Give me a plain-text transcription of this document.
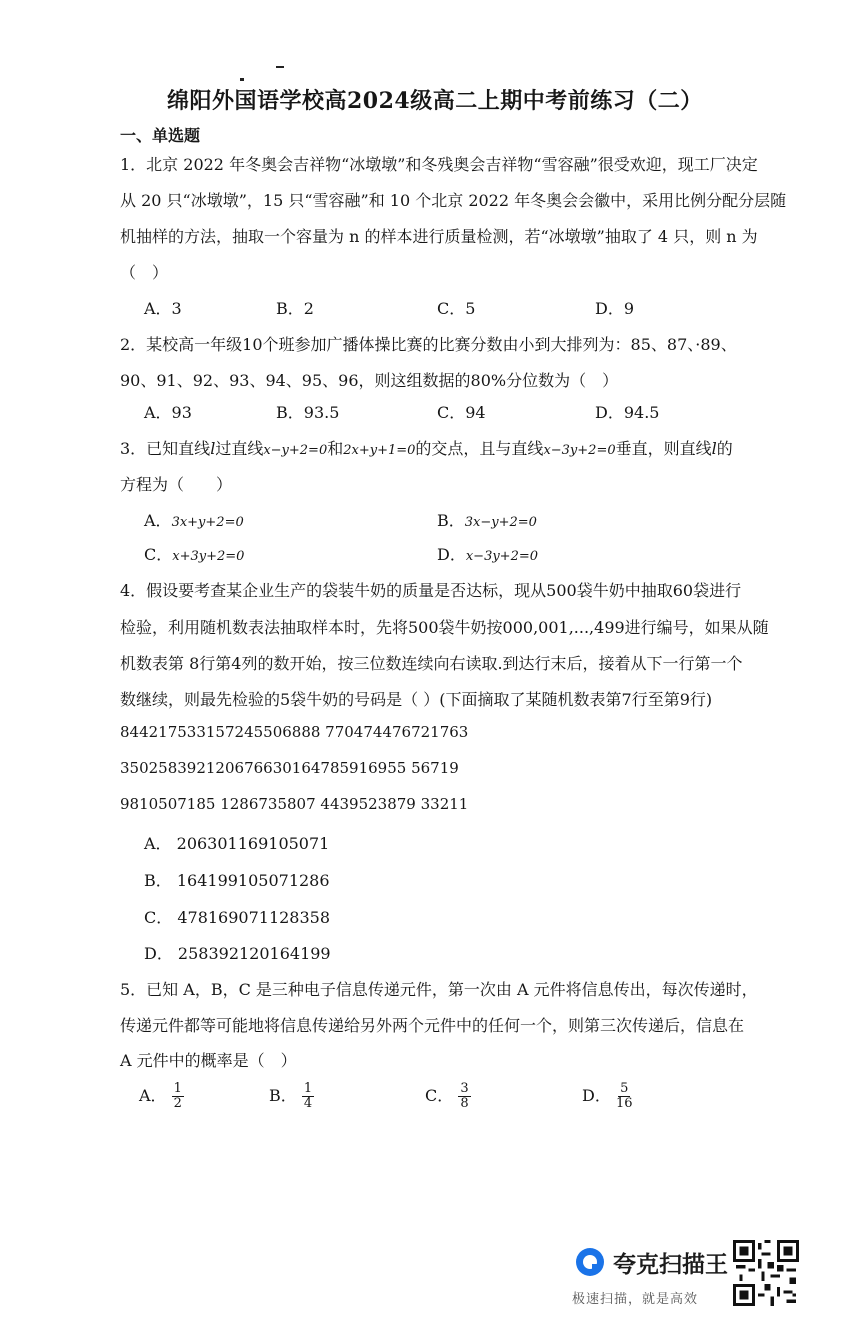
绵阳外国语学校高2024级高二上期中考前练习（二）
一、单选题
1．北京 2022 年冬奥会吉祥物“冰墩墩”和冬残奥会吉祥物“雪容融”很受欢迎，现工厂决定
从 20 只“冰墩墩”，15 只“雪容融”和 10 个北京 2022 年冬奥会会徽中，采用比例分配分层随
机抽样的方法，抽取一个容量为 n 的样本进行质量检测，若“冰墩墩”抽取了 4 只，则 n 为
（　）
A．3	B．2	C．5	D．9
2．某校高一年级10个班参加广播体操比赛的比赛分数由小到大排列为：85、87、·89、
90、91、92、93、94、95、96，则这组数据的80%分位数为（　）
A．93	B．93.5	C．94	D．94.5
3．已知直线l过直线x−y+2=0和2x+y+1=0的交点，且与直线x−3y+2=0垂直，则直线l的
方程为（　　）
A．3x+y+2=0	B．3x−y+2=0
C．x+3y+2=0	D．x−3y+2=0
4．假设要考查某企业生产的袋装牛奶的质量是否达标，现从500袋牛奶中抽取60袋进行
检验，利用随机数表法抽取样本时，先将500袋牛奶按000,001,...,499进行编号，如果从随
机数表第 8行第4列的数开始，按三位数连续向右读取.到达行末后，接着从下一行第一个
数继续，则最先检验的5袋牛奶的号码是（ ）(下面摘取了某随机数表第7行至第9行)
844217533157245506888 770474476721763
350258392120676630164785916955 56719
9810507185 1286735807 4439523879 33211
A． 206301169105071
B． 164199105071286
C． 478169071128358
D． 258392120164199
5．已知 A，B，C 是三种电子信息传递元件，第一次由 A 元件将信息传出，每次传递时，
传递元件都等可能地将信息传递给另外两个元件中的任何一个，则第三次传递后，信息在
A 元件中的概率是（　）
A． $\frac{1}{2}$	B． $\frac{1}{4}$	C． $\frac{3}{8}$	D． $\frac{5}{16}$
夸克扫描王
极速扫描，就是高效
